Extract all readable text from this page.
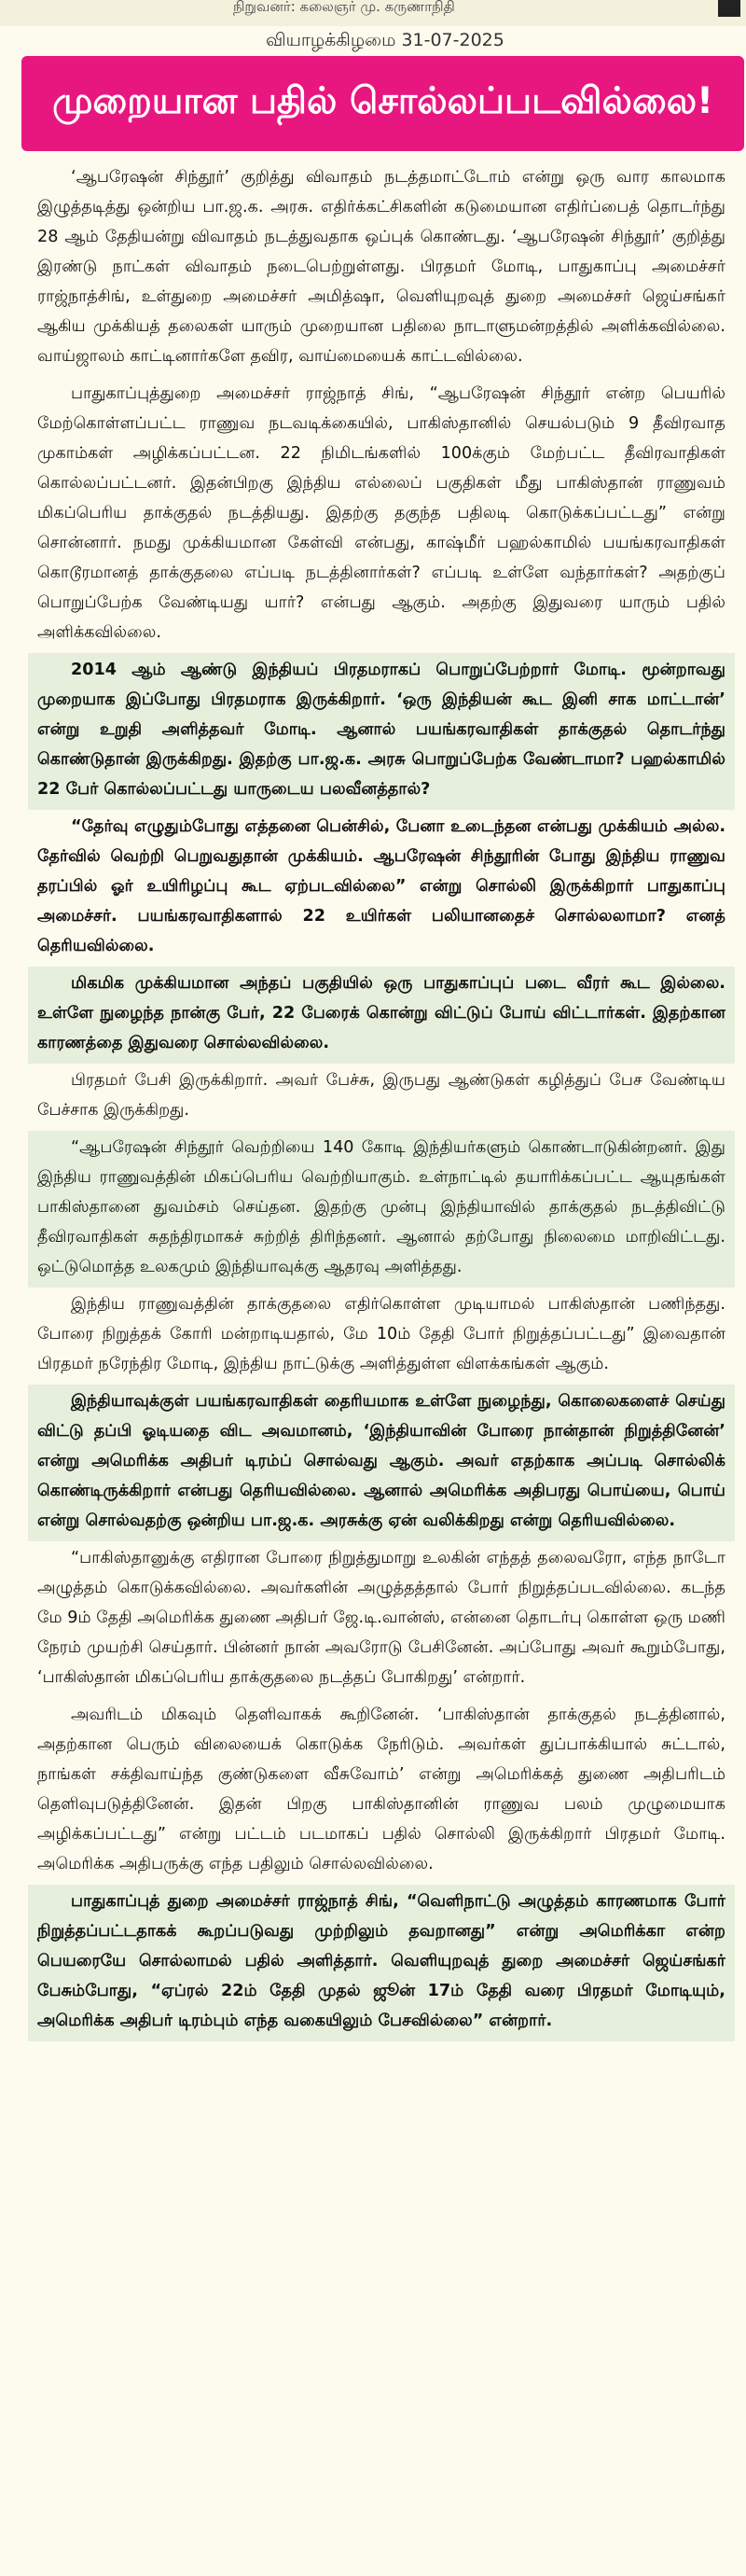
நிறுவனர்: கலைஞர் மு. கருணாநிதி
வியாழக்கிழமை 31-07-2025
முறையான பதில் சொல்லப்படவில்லை!

‘ஆபரேஷன் சிந்தூர்’ குறித்து விவாதம் நடத்தமாட்டோம் என்று ஒரு வார காலமாக இழுத்தடித்து ஒன்றிய பா.ஜ.க. அரசு. எதிர்க்கட்சிகளின் கடுமையான எதிர்ப்பைத் தொடர்ந்து 28 ஆம் தேதியன்று விவாதம் நடத்துவதாக ஒப்புக் கொண்டது. ‘ஆபரேஷன் சிந்தூர்’ குறித்து இரண்டு நாட்கள் விவாதம் நடைபெற்றுள்ளது. பிரதமர் மோடி, பாதுகாப்பு அமைச்சர் ராஜ்நாத்சிங், உள்துறை அமைச்சர் அமித்ஷா, வெளியுறவுத் துறை அமைச்சர் ஜெய்சங்கர் ஆகிய முக்கியத் தலைகள் யாரும் முறையான பதிலை நாடாளுமன்றத்தில் அளிக்கவில்லை. வாய்ஜாலம் காட்டினார்களே தவிர, வாய்மையைக் காட்டவில்லை.

பாதுகாப்புத்துறை அமைச்சர் ராஜ்நாத் சிங், “ஆபரேஷன் சிந்தூர் என்ற பெயரில் மேற்கொள்ளப்பட்ட ராணுவ நடவடிக்கையில், பாகிஸ்தானில் செயல்படும் 9 தீவிரவாத முகாம்கள் அழிக்கப்பட்டன. 22 நிமிடங்களில் 100க்கும் மேற்பட்ட தீவிரவாதிகள் கொல்லப்பட்டனர். இதன்பிறகு இந்திய எல்லைப் பகுதிகள் மீது பாகிஸ்தான் ராணுவம் மிகப்பெரிய தாக்குதல் நடத்தியது. இதற்கு தகுந்த பதிலடி கொடுக்கப்பட்டது” என்று சொன்னார். நமது முக்கியமான கேள்வி என்பது, காஷ்மீர் பஹல்காமில் பயங்கரவாதிகள் கொடூரமானத் தாக்குதலை எப்படி நடத்தினார்கள்? எப்படி உள்ளே வந்தார்கள்? அதற்குப் பொறுப்பேற்க வேண்டியது யார்? என்பது ஆகும். அதற்கு இதுவரை யாரும் பதில் அளிக்கவில்லை.

2014 ஆம் ஆண்டு இந்தியப் பிரதமராகப் பொறுப்பேற்றார் மோடி. மூன்றாவது முறையாக இப்போது பிரதமராக இருக்கிறார். ‘ஒரு இந்தியன் கூட இனி சாக மாட்டான்’ என்று உறுதி அளித்தவர் மோடி. ஆனால் பயங்கரவாதிகள் தாக்குதல் தொடர்ந்து கொண்டுதான் இருக்கிறது. இதற்கு பா.ஜ.க. அரசு பொறுப்பேற்க வேண்டாமா? பஹல்காமில் 22 பேர் கொல்லப்பட்டது யாருடைய பலவீனத்தால்?

“தேர்வு எழுதும்போது எத்தனை பென்சில், பேனா உடைந்தன என்பது முக்கியம் அல்ல. தேர்வில் வெற்றி பெறுவதுதான் முக்கியம். ஆபரேஷன் சிந்தூரின் போது இந்திய ராணுவ தரப்பில் ஓர் உயிரிழப்பு கூட ஏற்படவில்லை” என்று சொல்லி இருக்கிறார் பாதுகாப்பு அமைச்சர். பயங்கரவாதிகளால் 22 உயிர்கள் பலியானதைச் சொல்லலாமா? எனத் தெரியவில்லை.

மிகமிக முக்கியமான அந்தப் பகுதியில் ஒரு பாதுகாப்புப் படை வீரர் கூட இல்லை. உள்ளே நுழைந்த நான்கு பேர், 22 பேரைக் கொன்று விட்டுப் போய் விட்டார்கள். இதற்கான காரணத்தை இதுவரை சொல்லவில்லை.

பிரதமர் பேசி இருக்கிறார். அவர் பேச்சு, இருபது ஆண்டுகள் கழித்துப் பேச வேண்டிய பேச்சாக இருக்கிறது.

“ஆபரேஷன் சிந்தூர் வெற்றியை 140 கோடி இந்தியர்களும் கொண்டாடுகின்றனர். இது இந்திய ராணுவத்தின் மிகப்பெரிய வெற்றியாகும். உள்நாட்டில் தயாரிக்கப்பட்ட ஆயுதங்கள் பாகிஸ்தானை துவம்சம் செய்தன. இதற்கு முன்பு இந்தியாவில் தாக்குதல் நடத்திவிட்டு தீவிரவாதிகள் சுதந்திரமாகச் சுற்றித் திரிந்தனர். ஆனால் தற்போது நிலைமை மாறிவிட்டது. ஒட்டுமொத்த உலகமும் இந்தியாவுக்கு ஆதரவு அளித்தது.

இந்திய ராணுவத்தின் தாக்குதலை எதிர்கொள்ள முடியாமல் பாகிஸ்தான் பணிந்தது. போரை நிறுத்தக் கோரி மன்றாடியதால், மே 10ம் தேதி போர் நிறுத்தப்பட்டது” இவைதான் பிரதமர் நரேந்திர மோடி, இந்திய நாட்டுக்கு அளித்துள்ள விளக்கங்கள் ஆகும்.

இந்தியாவுக்குள் பயங்கரவாதிகள் தைரியமாக உள்ளே நுழைந்து, கொலைகளைச் செய்து விட்டு தப்பி ஓடியதை விட அவமானம், ‘இந்தியாவின் போரை நான்தான் நிறுத்தினேன்’ என்று அமெரிக்க அதிபர் டிரம்ப் சொல்வது ஆகும். அவர் எதற்காக அப்படி சொல்லிக் கொண்டிருக்கிறார் என்பது தெரியவில்லை. ஆனால் அமெரிக்க அதிபரது பொய்யை, பொய் என்று சொல்வதற்கு ஒன்றிய பா.ஜ.க. அரசுக்கு ஏன் வலிக்கிறது என்று தெரியவில்லை.

“பாகிஸ்தானுக்கு எதிரான போரை நிறுத்துமாறு உலகின் எந்தத் தலைவரோ, எந்த நாடோ அழுத்தம் கொடுக்கவில்லை. அவர்களின் அழுத்தத்தால் போர் நிறுத்தப்படவில்லை. கடந்த மே 9ம் தேதி அமெரிக்க துணை அதிபர் ஜே.டி.வான்ஸ், என்னை தொடர்பு கொள்ள ஒரு மணி நேரம் முயற்சி செய்தார். பின்னர் நான் அவரோடு பேசினேன். அப்போது அவர் கூறும்போது, ‘பாகிஸ்தான் மிகப்பெரிய தாக்குதலை நடத்தப் போகிறது’ என்றார்.

அவரிடம் மிகவும் தெளிவாகக் கூறினேன். ‘பாகிஸ்தான் தாக்குதல் நடத்தினால், அதற்கான பெரும் விலையைக் கொடுக்க நேரிடும். அவர்கள் துப்பாக்கியால் சுட்டால், நாங்கள் சக்திவாய்ந்த குண்டுகளை வீசுவோம்’ என்று அமெரிக்கத் துணை அதிபரிடம் தெளிவுபடுத்தினேன். இதன் பிறகு பாகிஸ்தானின் ராணுவ பலம் முழுமையாக அழிக்கப்பட்டது” என்று பட்டம் படமாகப் பதில் சொல்லி இருக்கிறார் பிரதமர் மோடி. அமெரிக்க அதிபருக்கு எந்த பதிலும் சொல்லவில்லை.

பாதுகாப்புத் துறை அமைச்சர் ராஜ்நாத் சிங், “வெளிநாட்டு அழுத்தம் காரணமாக போர் நிறுத்தப்பட்டதாகக் கூறப்படுவது முற்றிலும் தவறானது” என்று அமெரிக்கா என்ற பெயரையே சொல்லாமல் பதில் அளித்தார். வெளியுறவுத் துறை அமைச்சர் ஜெய்சங்கர் பேசும்போது, “ஏப்ரல் 22ம் தேதி முதல் ஜூன் 17ம் தேதி வரை பிரதமர் மோடியும், அமெரிக்க அதிபர் டிரம்பும் எந்த வகையிலும் பேசவில்லை” என்றார்.
